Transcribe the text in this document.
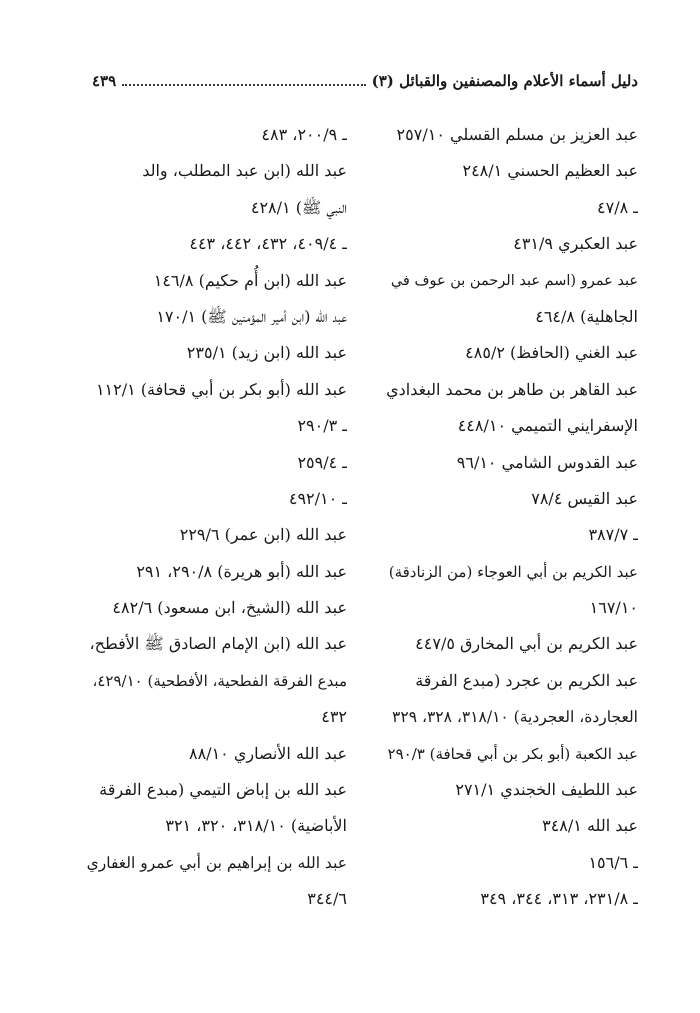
دليل أسماء الأعلام والمصنفين والقبائل (٣)
٤٣٩
عبد العزيز بن مسلم القسلي ٢٥٧/١٠
عبد العظيم الحسني ٢٤٨/١
ـ ٤٧/٨
عبد العكبري ٤٣١/٩
عبد عمرو (اسم عبد الرحمن بن عوف في
الجاهلية) ٤٦٤/٨
عبد الغني (الحافظ) ٤٨٥/٢
عبد القاهر بن طاهر بن محمد البغدادي
الإسفرايني التميمي ٤٤٨/١٠
عبد القدوس الشامي ٩٦/١٠
عبد القيس ٧٨/٤
ـ ٣٨٧/٧
عبد الكريم بن أبي العوجاء (من الزنادقة)
١٦٧/١٠
عبد الكريم بن أبي المخارق ٤٤٧/٥
عبد الكريم بن عجرد (مبدع الفرقة
العجاردة، العجردية) ٣١٨/١٠، ٣٢٨، ٣٢٩
عبد الكعبة (أبو بكر بن أبي قحافة) ٢٩٠/٣
عبد اللطيف الخجندي ٢٧١/١
عبد الله ٣٤٨/١
ـ ١٥٦/٦
ـ ٢٣١/٨، ٣١٣، ٣٤٤، ٣٤٩
ـ ٢٠٠/٩، ٤٨٣
عبد الله (ابن عبد المطلب، والد
النبي ﷺ) ٤٢٨/١
ـ ٤٠٩/٤، ٤٣٢، ٤٤٢، ٤٤٣
عبد الله (ابن أُم حكيم) ١٤٦/٨
عبد الله (ابن أمير المؤمنين ﷺ) ١٧٠/١
عبد الله (ابن زيد) ٢٣٥/١
عبد الله (أبو بكر بن أبي قحافة) ١١٢/١
ـ ٢٩٠/٣
ـ ٢٥٩/٤
ـ ٤٩٢/١٠
عبد الله (ابن عمر) ٢٢٩/٦
عبد الله (أبو هريرة) ٢٩٠/٨، ٢٩١
عبد الله (الشيخ، ابن مسعود) ٤٨٢/٦
عبد الله (ابن الإمام الصادق ﷺ الأفطح،
مبدع الفرقة الفطحية، الأفطحية) ٤٢٩/١٠،
٤٣٢
عبد الله الأنصاري ٨٨/١٠
عبد الله بن إباض التيمي (مبدع الفرقة
الأباضية) ٣١٨/١٠، ٣٢٠، ٣٢١
عبد الله بن إبراهيم بن أبي عمرو الغفاري
٣٤٤/٦
